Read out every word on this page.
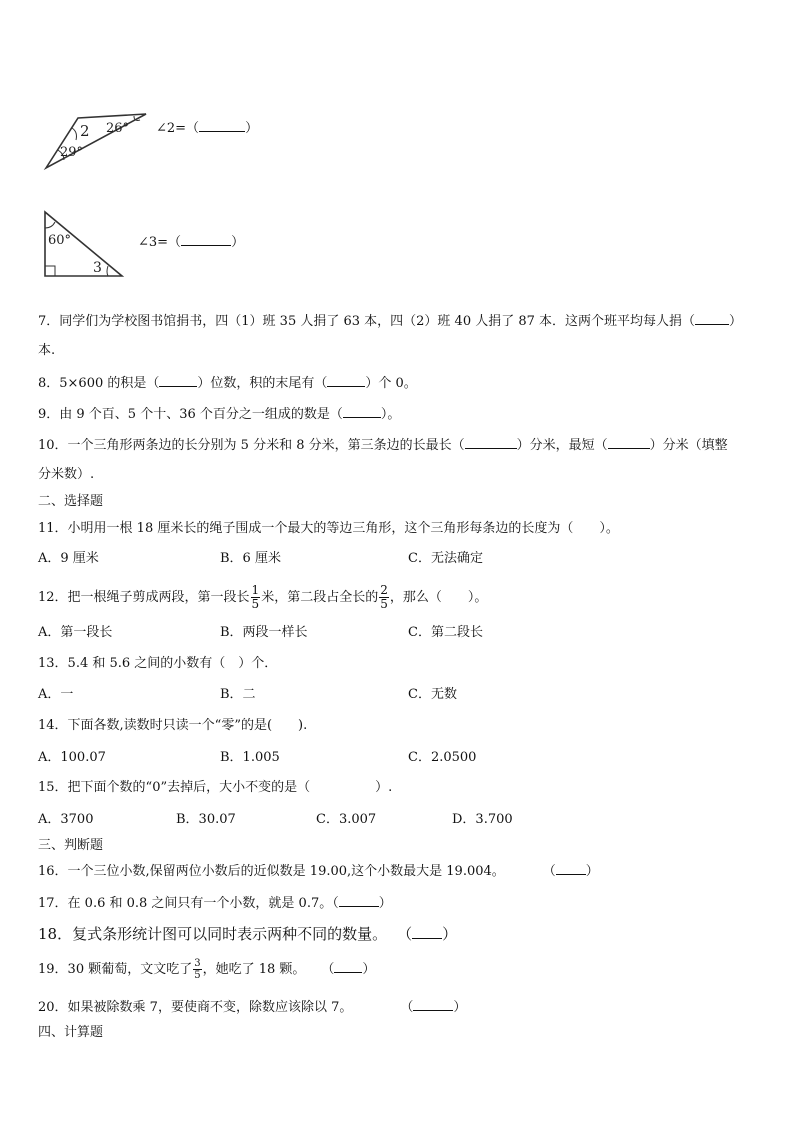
2 26°
29°
∠2=（	）
60°
3
∠3=（	）
7．同学们为学校图书馆捐书，四（1）班 35 人捐了 63 本，四（2）班 40 人捐了 87 本．这两个班平均每人捐（	）
本.
8．5×600 的积是（	）位数，积的末尾有（	）个 0。
9．由 9 个百、5 个十、36 个百分之一组成的数是（	）。
10．一个三角形两条边的长分别为 5 分米和 8 分米，第三条边的长最长（	）分米，最短（	）分米（填整
分米数）.
二、选择题
11．小明用一根 18 厘米长的绳子围成一个最大的等边三角形，这个三角形每条边的长度为（　　）。
A．9 厘米	B．6 厘米	C．无法确定
12．把一根绳子剪成两段，第一段长 $\frac{1}{5}$ 米，第二段占全长的 $\frac{2}{5}$ ，那么（　　）。
A．第一段长	B．两段一样长	C．第二段长
13．5.4 和 5.6 之间的小数有（　）个．
A．一	B．二	C．无数
14．下面各数,读数时只读一个“零”的是(　　).
A．100.07	B．1.005	C．2.0500
15．把下面个数的“0”去掉后，大小不变的是（　　　　　）.
A．3700	B．30.07	C．3.007	D．3.700
三、判断题
16．一个三位小数,保留两位小数后的近似数是 19.00,这个小数最大是 19.004。	（ ）
17．在 0.6 和 0.8 之间只有一个小数，就是 0.7。（	）
18．复式条形统计图可以同时表示两种不同的数量。 （ ）
19．30 颗葡萄，文文吃了 $\frac{3}{5}$ ，她吃了 18 颗。 （ ）
20．如果被除数乘 7，要使商不变，除数应该除以 7。	（	）
四、计算题
